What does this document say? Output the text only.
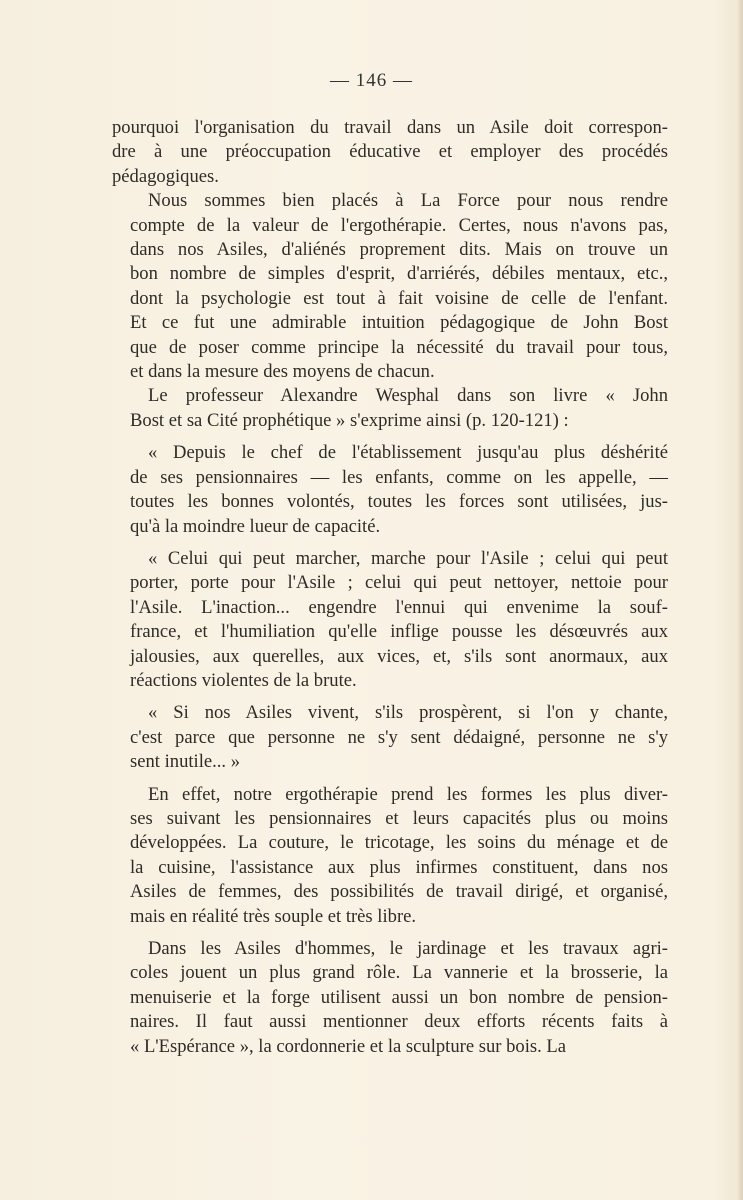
— 146 —
pourquoi l'organisation du travail dans un Asile doit correspon-
dre à une préoccupation éducative et employer des procédés
pédagogiques.
Nous sommes bien placés à La Force pour nous rendre
compte de la valeur de l'ergothérapie. Certes, nous n'avons pas,
dans nos Asiles, d'aliénés proprement dits. Mais on trouve un
bon nombre de simples d'esprit, d'arriérés, débiles mentaux, etc.,
dont la psychologie est tout à fait voisine de celle de l'enfant.
Et ce fut une admirable intuition pédagogique de John Bost
que de poser comme principe la nécessité du travail pour tous,
et dans la mesure des moyens de chacun.
Le professeur Alexandre Wesphal dans son livre « John
Bost et sa Cité prophétique » s'exprime ainsi (p. 120-121) :
« Depuis le chef de l'établissement jusqu'au plus déshérité
de ses pensionnaires — les enfants, comme on les appelle, —
toutes les bonnes volontés, toutes les forces sont utilisées, jus-
qu'à la moindre lueur de capacité.
« Celui qui peut marcher, marche pour l'Asile ; celui qui peut
porter, porte pour l'Asile ; celui qui peut nettoyer, nettoie pour
l'Asile. L'inaction... engendre l'ennui qui envenime la souf-
france, et l'humiliation qu'elle inflige pousse les désœuvrés aux
jalousies, aux querelles, aux vices, et, s'ils sont anormaux, aux
réactions violentes de la brute.
« Si nos Asiles vivent, s'ils prospèrent, si l'on y chante,
c'est parce que personne ne s'y sent dédaigné, personne ne s'y
sent inutile... »
En effet, notre ergothérapie prend les formes les plus diver-
ses suivant les pensionnaires et leurs capacités plus ou moins
développées. La couture, le tricotage, les soins du ménage et de
la cuisine, l'assistance aux plus infirmes constituent, dans nos
Asiles de femmes, des possibilités de travail dirigé, et organisé,
mais en réalité très souple et très libre.
Dans les Asiles d'hommes, le jardinage et les travaux agri-
coles jouent un plus grand rôle. La vannerie et la brosserie, la
menuiserie et la forge utilisent aussi un bon nombre de pension-
naires. Il faut aussi mentionner deux efforts récents faits à
« L'Espérance », la cordonnerie et la sculpture sur bois. La
